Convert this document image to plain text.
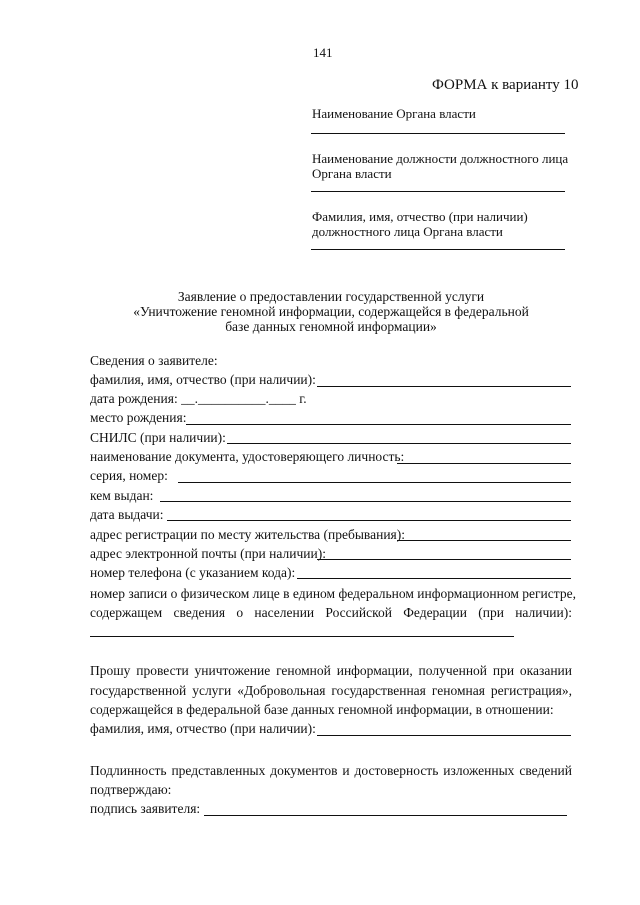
141
ФОРМА к варианту 10
Наименование Органа власти
Наименование должности должностного лица
Органа власти
Фамилия, имя, отчество (при наличии)
должностного лица Органа власти
Заявление о предоставлении государственной услуги
«Уничтожение геномной информации, содержащейся в федеральной
базе данных геномной информации»
Сведения о заявителе:
фамилия, имя, отчество (при наличии):
дата рождения: __.__________.____ г.
место рождения:
СНИЛС (при наличии):
наименование документа, удостоверяющего личность:
серия, номер:
кем выдан:
дата выдачи:
адрес регистрации по месту жительства (пребывания):
адрес электронной почты (при наличии):
номер телефона (с указанием кода):
номер записи о физическом лице в едином федеральном информационном регистре,
содержащем сведения о населении Российской Федерации (при наличии):
Прошу провести уничтожение геномной информации, полученной при оказании
государственной услуги «Добровольная государственная геномная регистрация»,
содержащейся в федеральной базе данных геномной информации, в отношении:
фамилия, имя, отчество (при наличии):
Подлинность представленных документов и достоверность изложенных сведений
подтверждаю:
подпись заявителя:
